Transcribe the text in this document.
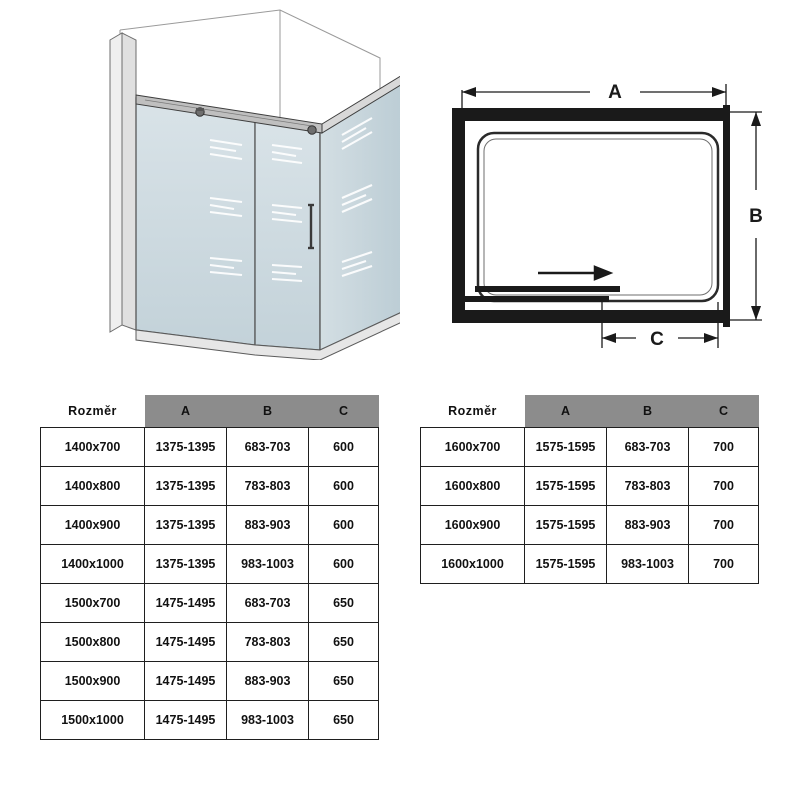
A
B
C
Rozměr	A	B	C
1400x700	1375-1395	683-703	600
1400x800	1375-1395	783-803	600
1400x900	1375-1395	883-903	600
1400x1000	1375-1395	983-1003	600
1500x700	1475-1495	683-703	650
1500x800	1475-1495	783-803	650
1500x900	1475-1495	883-903	650
1500x1000	1475-1495	983-1003	650
Rozměr	A	B	C
1600x700	1575-1595	683-703	700
1600x800	1575-1595	783-803	700
1600x900	1575-1595	883-903	700
1600x1000	1575-1595	983-1003	700
